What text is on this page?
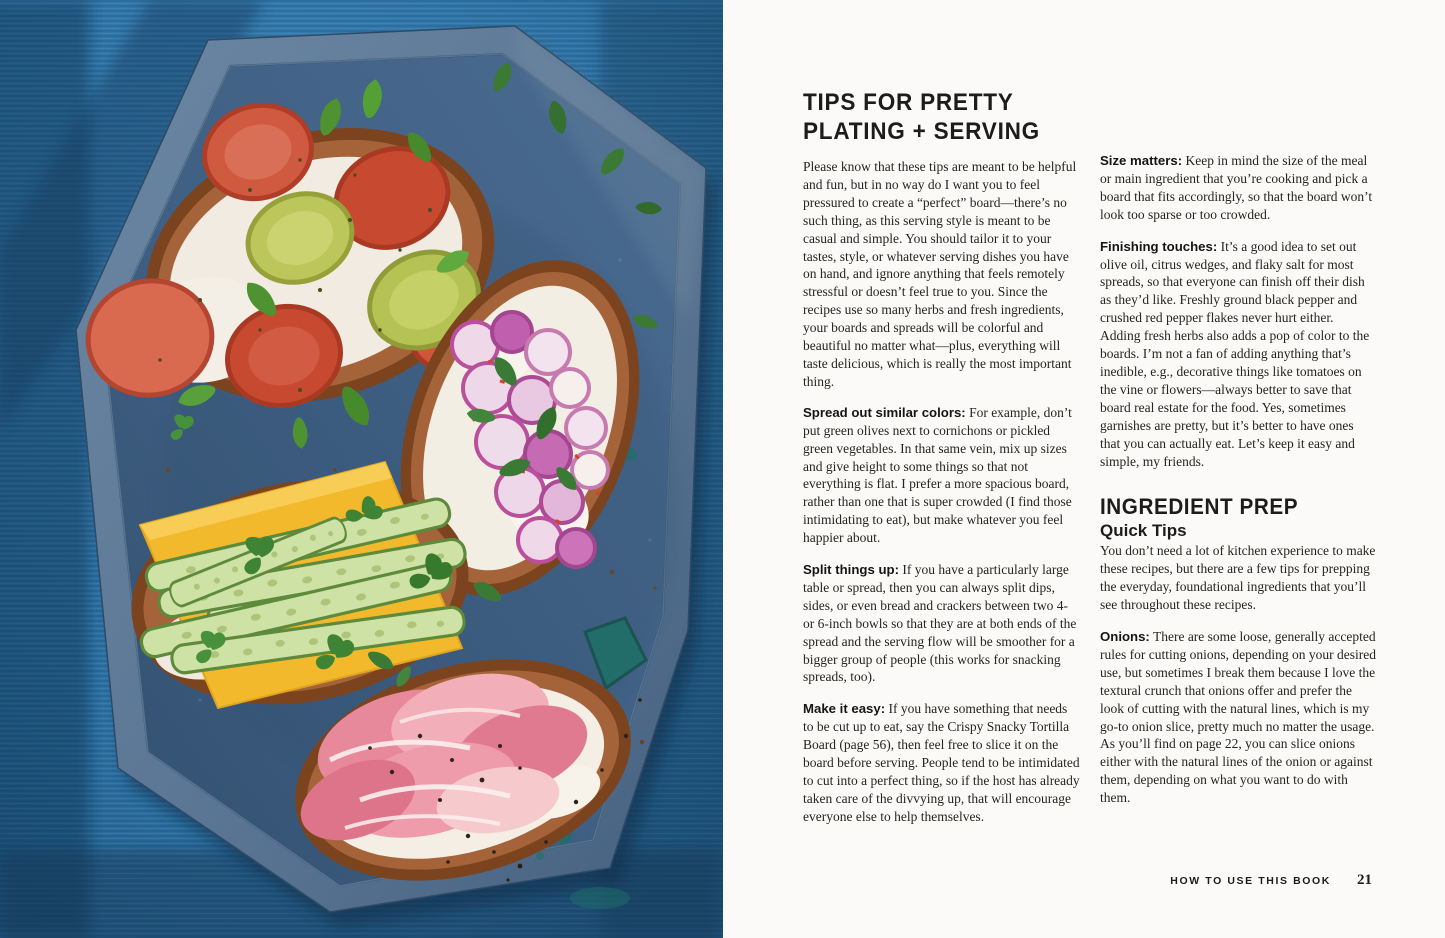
TIPS FOR PRETTY
PLATING + SERVING

Please know that these tips are meant to be helpful and fun, but in no way do I want you to feel pressured to create a “perfect” board—there’s no such thing, as this serving style is meant to be casual and simple. You should tailor it to your tastes, style, or whatever serving dishes you have on hand, and ignore anything that feels remotely stressful or doesn’t feel true to you. Since the recipes use so many herbs and fresh ingredients, your boards and spreads will be colorful and beautiful no matter what—plus, everything will taste delicious, which is really the most important thing.

Spread out similar colors: For example, don’t put green olives next to cornichons or pickled green vegetables. In that same vein, mix up sizes and give height to some things so that not everything is flat. I prefer a more spacious board, rather than one that is super crowded (I find those intimidating to eat), but make whatever you feel happier about.

Split things up: If you have a particularly large table or spread, then you can always split dips, sides, or even bread and crackers between two 4- or 6-inch bowls so that they are at both ends of the spread and the serving flow will be smoother for a bigger group of people (this works for snacking spreads, too).

Make it easy: If you have something that needs to be cut up to eat, say the Crispy Snacky Tortilla Board (page 56), then feel free to slice it on the board before serving. People tend to be intimidated to cut into a perfect thing, so if the host has already taken care of the divvying up, that will encourage everyone else to help themselves.

Size matters: Keep in mind the size of the meal or main ingredient that you’re cooking and pick a board that fits accordingly, so that the board won’t look too sparse or too crowded.

Finishing touches: It’s a good idea to set out olive oil, citrus wedges, and flaky salt for most spreads, so that everyone can finish off their dish as they’d like. Freshly ground black pepper and crushed red pepper flakes never hurt either. Adding fresh herbs also adds a pop of color to the boards. I’m not a fan of adding anything that’s inedible, e.g., decorative things like tomatoes on the vine or flowers—always better to save that board real estate for the food. Yes, sometimes garnishes are pretty, but it’s better to have ones that you can actually eat. Let’s keep it easy and simple, my friends.

INGREDIENT PREP
Quick Tips

You don’t need a lot of kitchen experience to make these recipes, but there are a few tips for prepping the everyday, foundational ingredients that you’ll see throughout these recipes.

Onions: There are some loose, generally accepted rules for cutting onions, depending on your desired use, but sometimes I break them because I love the textural crunch that onions offer and prefer the look of cutting with the natural lines, which is my go-to onion slice, pretty much no matter the usage. As you’ll find on page 22, you can slice onions either with the natural lines of the onion or against them, depending on what you want to do with them.

HOW TO USE THIS BOOK 21
